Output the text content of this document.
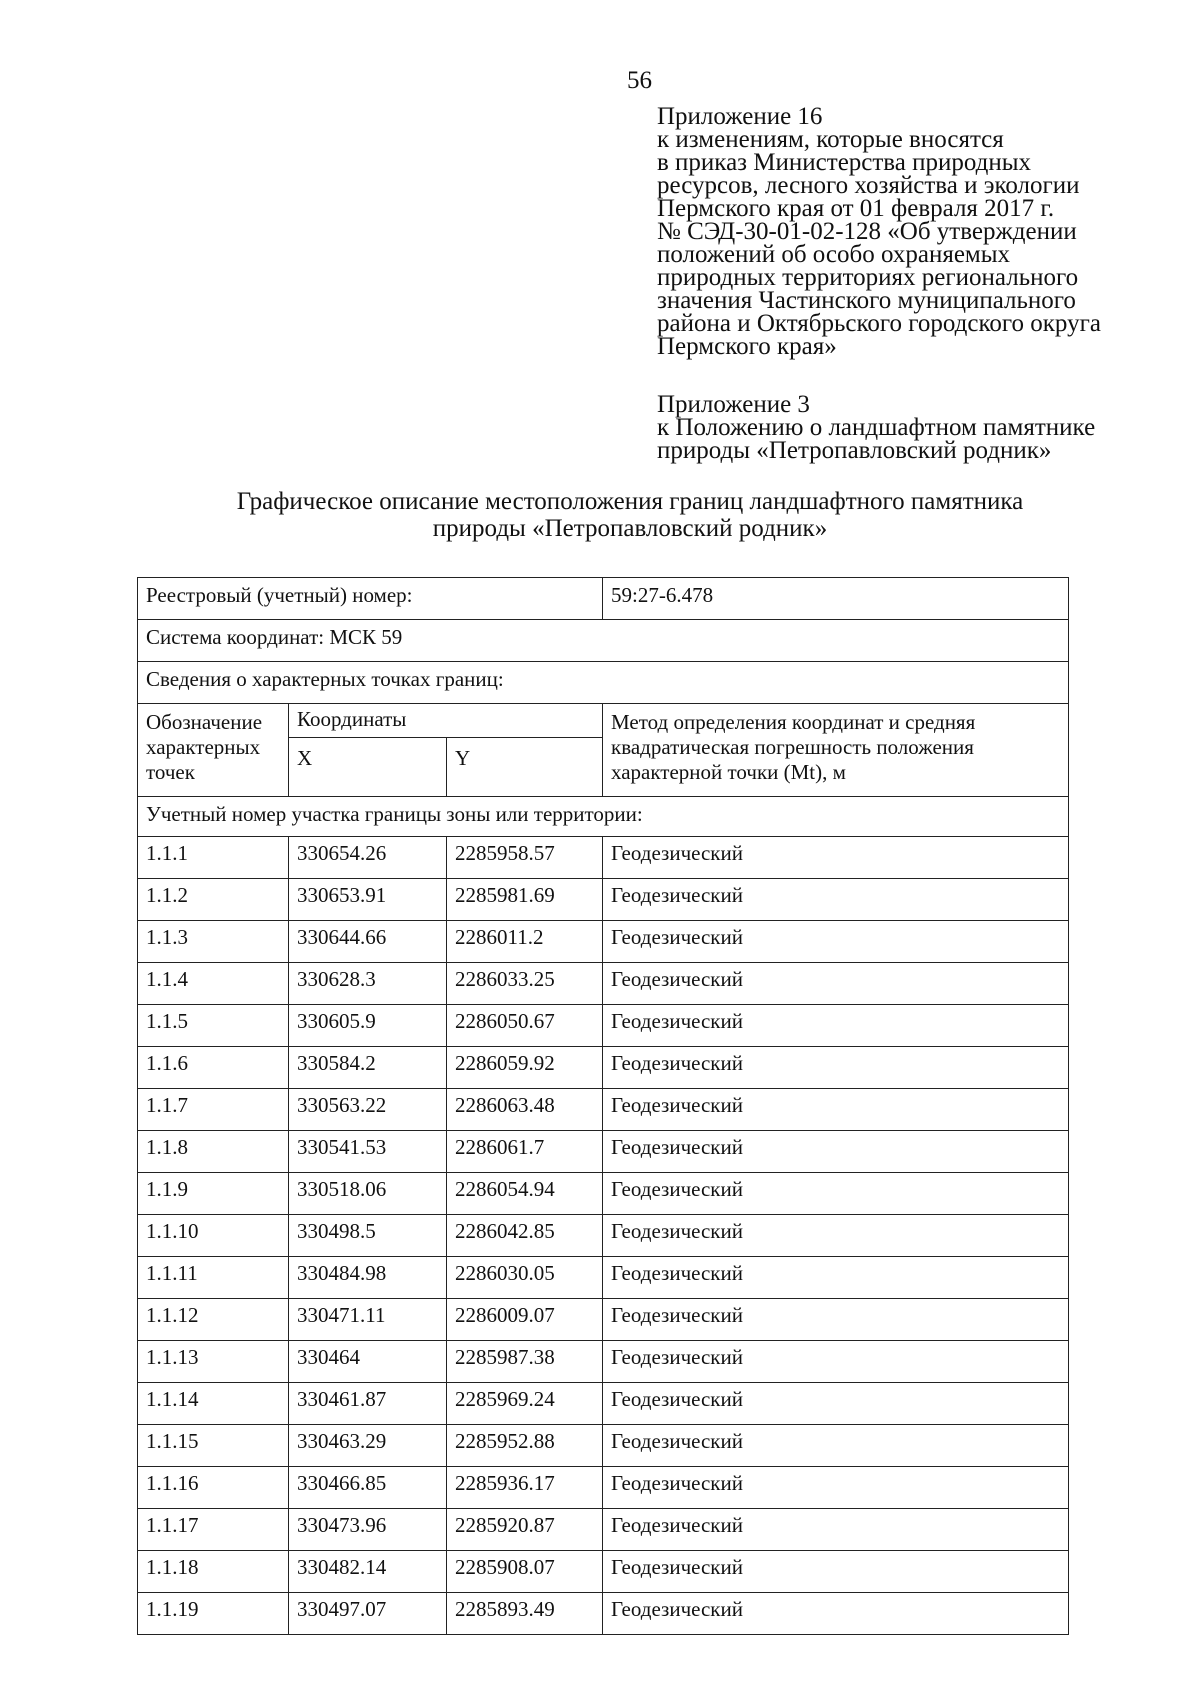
56
Приложение 16
к изменениям, которые вносятся
в приказ Министерства природных
ресурсов, лесного хозяйства и экологии
Пермского края от 01 февраля 2017 г.
№ СЭД-30-01-02-128 «Об утверждении
положений об особо охраняемых
природных территориях регионального
значения Частинского муниципального
района и Октябрьского городского округа
Пермского края»
Приложение 3
к Положению о ландшафтном памятнике
природы «Петропавловский родник»
Графическое описание местоположения границ ландшафтного памятника
природы «Петропавловский родник»
Реестровый (учетный) номер:			59:27-6.478
Система координат: МСК 59			
Сведения о характерных точках границ:			
Обозначение характерных точек	Координаты		Метод определения координат и средняя квадратическая погрешность положения характерной точки (Mt), м
	X	Y	
Учетный номер участка границы зоны или территории:			
1.1.1	330654.26	2285958.57	Геодезический
1.1.2	330653.91	2285981.69	Геодезический
1.1.3	330644.66	2286011.2	Геодезический
1.1.4	330628.3	2286033.25	Геодезический
1.1.5	330605.9	2286050.67	Геодезический
1.1.6	330584.2	2286059.92	Геодезический
1.1.7	330563.22	2286063.48	Геодезический
1.1.8	330541.53	2286061.7	Геодезический
1.1.9	330518.06	2286054.94	Геодезический
1.1.10	330498.5	2286042.85	Геодезический
1.1.11	330484.98	2286030.05	Геодезический
1.1.12	330471.11	2286009.07	Геодезический
1.1.13	330464	2285987.38	Геодезический
1.1.14	330461.87	2285969.24	Геодезический
1.1.15	330463.29	2285952.88	Геодезический
1.1.16	330466.85	2285936.17	Геодезический
1.1.17	330473.96	2285920.87	Геодезический
1.1.18	330482.14	2285908.07	Геодезический
1.1.19	330497.07	2285893.49	Геодезический
